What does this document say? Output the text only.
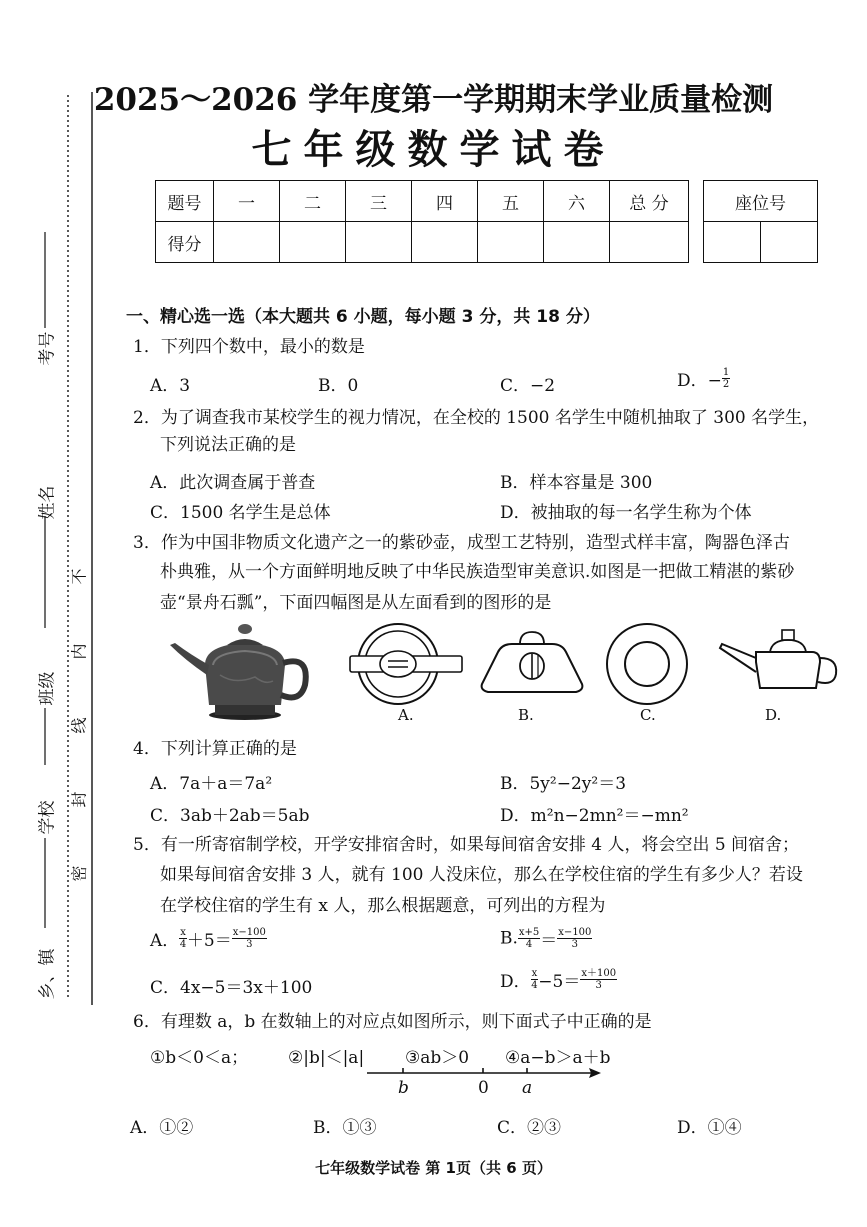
考号
姓名
班级
学校
乡、镇
不
内
线
封
密
2025～2026 学年度第一学期期末学业质量检测
七年级数学试卷
题号	一	二	三	四	五	六	总 分
得分							
座位号

一、精心选一选（本大题共 6 小题，每小题 3 分，共 18 分）
1．下列四个数中，最小的数是
A．3	B．0	C．−2	D．− $\frac{1}{2}$
2．为了调查我市某校学生的视力情况，在全校的 1500 名学生中随机抽取了 300 名学生，
下列说法正确的是
A．此次调查属于普查	B．样本容量是 300
C．1500 名学生是总体	D．被抽取的每一名学生称为个体
3．作为中国非物质文化遗产之一的紫砂壶，成型工艺特别，造型式样丰富，陶器色泽古
朴典雅，从一个方面鲜明地反映了中华民族造型审美意识.如图是一把做工精湛的紫砂
壶“景舟石瓢”，下面四幅图是从左面看到的图形的是
A.	B.	C.	D.
4．下列计算正确的是
A．7a＋a＝7a²	B．5y²−2y²＝3
C．3ab＋2ab＝5ab	D．m²n−2mn²＝−mn²
5．有一所寄宿制学校，开学安排宿舍时，如果每间宿舍安排 4 人，将会空出 5 间宿舍；
如果每间宿舍安排 3 人，就有 100 人没床位，那么在学校住宿的学生有多少人？若设
在学校住宿的学生有 x 人，那么根据题意，可列出的方程为
A． $\frac{x}{4} +5= \frac{x-100}{3}$	B. $\frac{x+5}{4} = \frac{x-100}{3}$
C．4x−5＝3x＋100	D． $\frac{x}{4} -5= \frac{x+100}{3}$
6．有理数 a，b 在数轴上的对应点如图所示，则下面式子中正确的是
①b＜0＜a； ②|b|＜|a| ③ab＞0 ④a−b＞a＋b
b	0 a
A．①②	B．①③	C．②③	D．①④
七年级数学试卷 第 1页（共 6 页）
